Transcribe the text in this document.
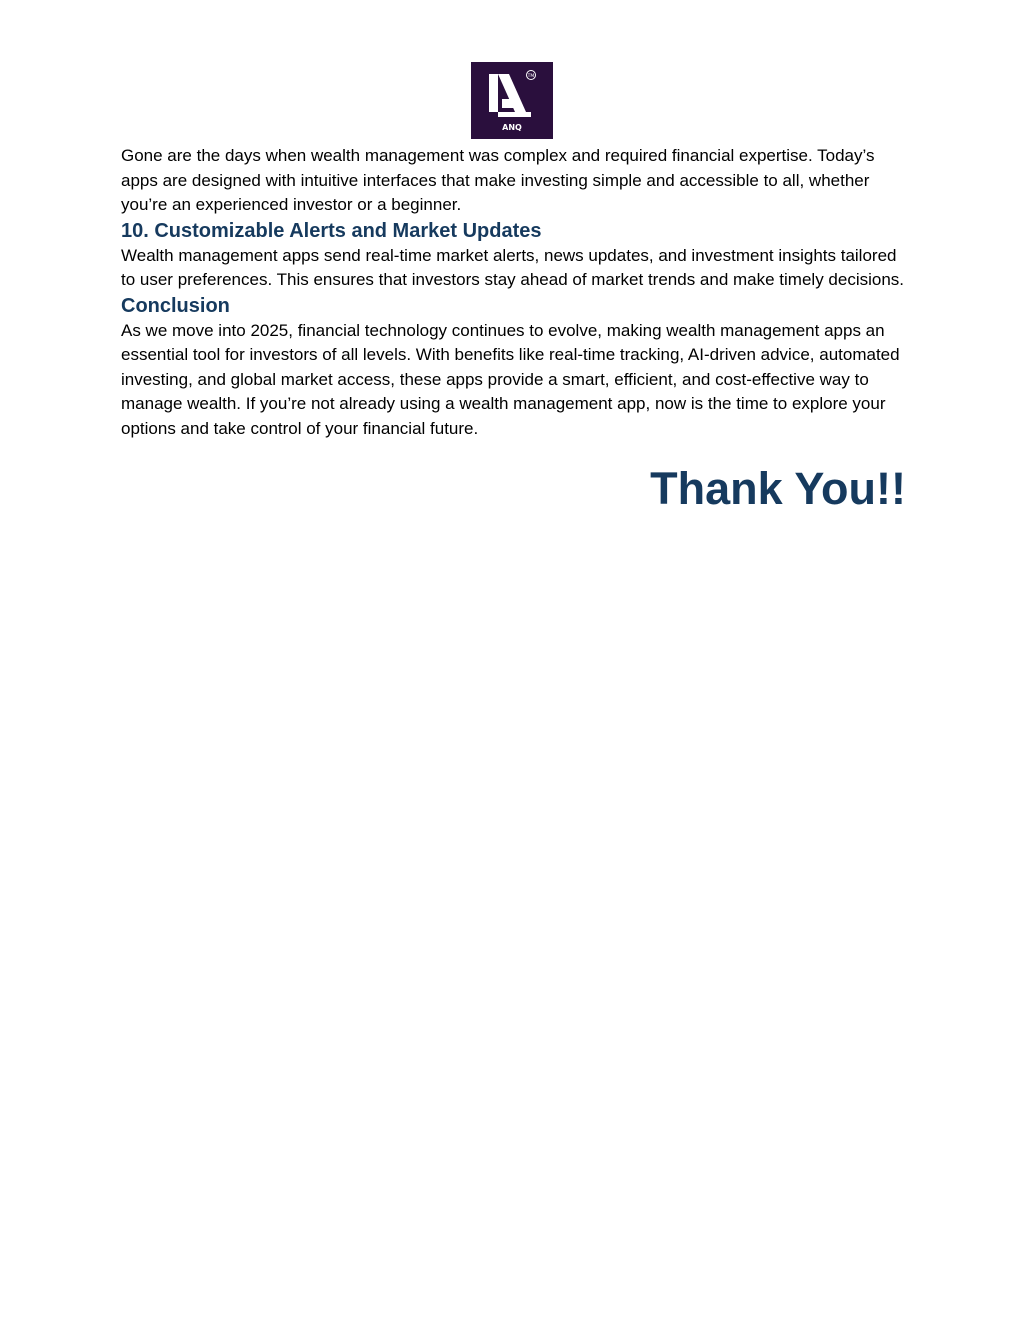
TM
ANQ

Gone are the days when wealth management was complex and required financial expertise. Today’s apps are designed with intuitive interfaces that make investing simple and accessible to all, whether you’re an experienced investor or a beginner.

10. Customizable Alerts and Market Updates

Wealth management apps send real-time market alerts, news updates, and investment insights tailored to user preferences. This ensures that investors stay ahead of market trends and make timely decisions.

Conclusion

As we move into 2025, financial technology continues to evolve, making wealth management apps an essential tool for investors of all levels. With benefits like real-time tracking, AI-driven advice, automated investing, and global market access, these apps provide a smart, efficient, and cost-effective way to manage wealth. If you’re not already using a wealth management app, now is the time to explore your options and take control of your financial future.

Thank You!!
